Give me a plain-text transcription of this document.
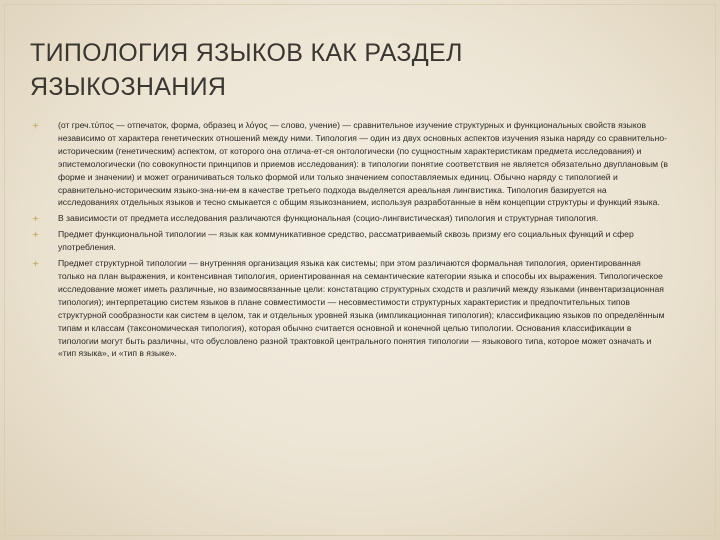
ТИПОЛОГИЯ ЯЗЫКОВ КАК РАЗДЕЛ
ЯЗЫКОЗНАНИЯ
(от греч.τύπος — отпечаток, форма, образец и λόγος — слово, учение) — сравнительное изучение структурных и функциональных свойств языков независимо от характера генетических отношений между ними. Типология — один из двух основных аспектов изучения языка наряду со сравнительно-историческим (генетическим) аспектом, от которого она отлича-ет-ся онтологически (по сущностным характеристикам предмета исследования) и эпистемологически (по совокупности принципов и приемов исследования): в типологии понятие соответствия не является обязательно двупланoвым (в форме и значении) и может ограничиваться только формой или только значением сопоставляемых единиц. Обычно наряду с типологией и сравнительно-историческим языко-зна-ни-ем в качестве третьего подхода выделяется ареальная лингвистика. Типология базируется на исследованиях отдельных языков и тесно смыкается с общим языкознанием, используя разработанные в нём концепции структуры и функций языка.
В зависимости от предмета исследования различаются функциональная (социо-лингвистическая) типология и структурная типология.
Предмет функциональной типологии — язык как коммуникативное средство, рассматриваемый сквозь призму его социальных функций и сфер употребления.
Предмет структурной типологии — внутренняя организация языка как системы; при этом различаются формальная типология, ориентированная только на план выражения, и контенсивная типология, ориентированная на семантические категории языка и способы их выражения. Типологическое исследование может иметь различные, но взаимосвязанные цели: констатацию структурных сходств и различий между языками (инвентаризационная типология); интерпретацию систем языков в плане совместимости — несовместимости структурных характеристик и предпочтительных типов структурной сообразности как систем в целом, так и отдельных уровней языка (импликационная типология); классификацию языков по определённым типам и классам (таксономическая типология), которая обычно считается основной и конечной целью типологии. Основания классификации в типологии могут быть различны, что обусловлено разной трактовкой центрального понятия типологии — языкового типа, которое может означать и «тип языка», и «тип в языке».
